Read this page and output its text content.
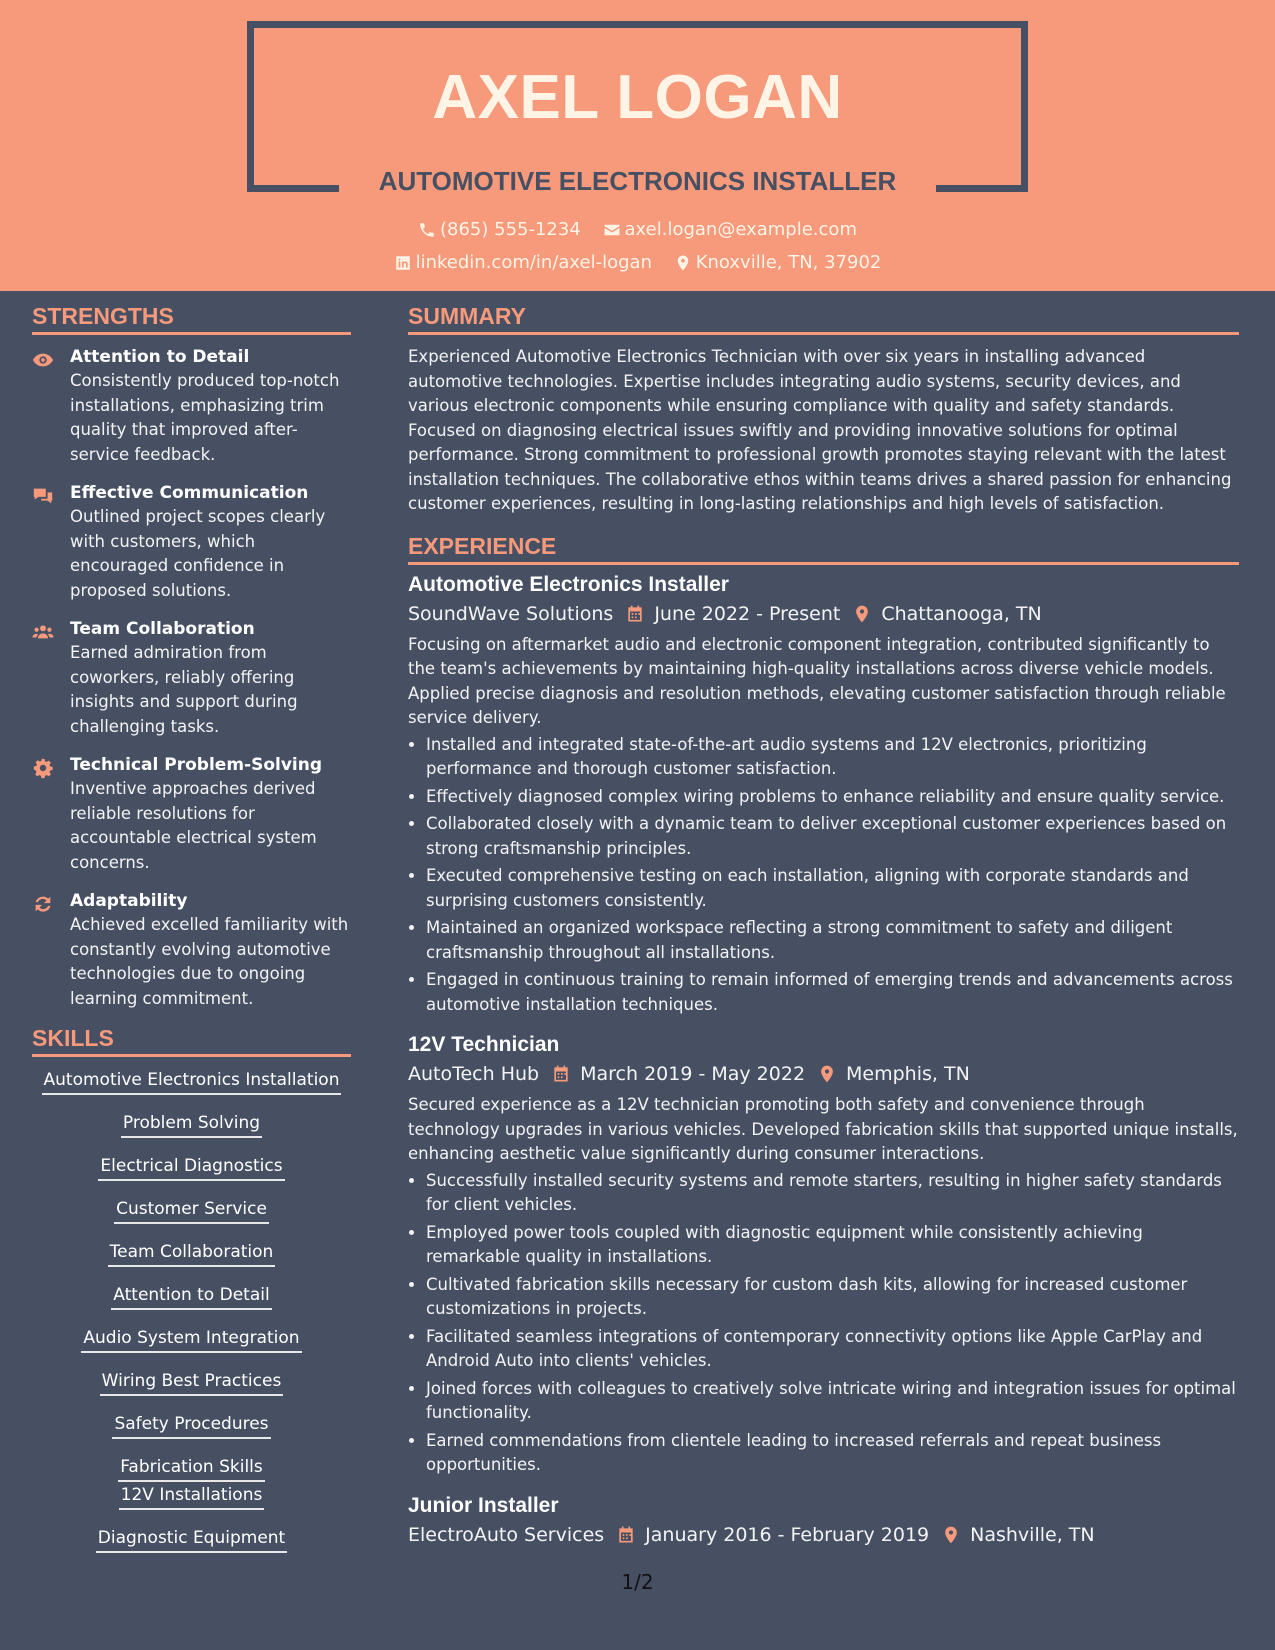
AXEL LOGAN
AUTOMOTIVE ELECTRONICS INSTALLER
(865) 555-1234
axel.logan@example.com
linkedin.com/in/axel-logan
Knoxville, TN, 37902
STRENGTHS
Attention to Detail
Consistently produced top-notch installations, emphasizing trim quality that improved after-service feedback.
Effective Communication
Outlined project scopes clearly with customers, which encouraged confidence in proposed solutions.
Team Collaboration
Earned admiration from coworkers, reliably offering insights and support during challenging tasks.
Technical Problem-Solving
Inventive approaches derived reliable resolutions for accountable electrical system concerns.
Adaptability
Achieved excelled familiarity with constantly evolving automotive technologies due to ongoing learning commitment.
SKILLS
Automotive Electronics Installation
Problem Solving
Electrical Diagnostics
Customer Service
Team Collaboration
Attention to Detail
Audio System Integration
Wiring Best Practices
Safety Procedures
Fabrication Skills12V Installations
Diagnostic Equipment
SUMMARY
Experienced Automotive Electronics Technician with over six years in installing advanced automotive technologies. Expertise includes integrating audio systems, security devices, and various electronic components while ensuring compliance with quality and safety standards. Focused on diagnosing electrical issues swiftly and providing innovative solutions for optimal performance. Strong commitment to professional growth promotes staying relevant with the latest installation techniques. The collaborative ethos within teams drives a shared passion for enhancing customer experiences, resulting in long-lasting relationships and high levels of satisfaction.
EXPERIENCE
Automotive Electronics Installer
SoundWave Solutions June 2022 - Present Chattanooga, TN
Focusing on aftermarket audio and electronic component integration, contributed significantly to the team's achievements by maintaining high-quality installations across diverse vehicle models. Applied precise diagnosis and resolution methods, elevating customer satisfaction through reliable service delivery.
• Installed and integrated state-of-the-art audio systems and 12V electronics, prioritizing performance and thorough customer satisfaction.
• Effectively diagnosed complex wiring problems to enhance reliability and ensure quality service.
• Collaborated closely with a dynamic team to deliver exceptional customer experiences based on strong craftsmanship principles.
• Executed comprehensive testing on each installation, aligning with corporate standards and surprising customers consistently.
• Maintained an organized workspace reflecting a strong commitment to safety and diligent craftsmanship throughout all installations.
• Engaged in continuous training to remain informed of emerging trends and advancements across automotive installation techniques.
12V Technician
AutoTech Hub March 2019 - May 2022 Memphis, TN
Secured experience as a 12V technician promoting both safety and convenience through technology upgrades in various vehicles. Developed fabrication skills that supported unique installs, enhancing aesthetic value significantly during consumer interactions.
• Successfully installed security systems and remote starters, resulting in higher safety standards for client vehicles.
• Employed power tools coupled with diagnostic equipment while consistently achieving remarkable quality in installations.
• Cultivated fabrication skills necessary for custom dash kits, allowing for increased customer customizations in projects.
• Facilitated seamless integrations of contemporary connectivity options like Apple CarPlay and Android Auto into clients' vehicles.
• Joined forces with colleagues to creatively solve intricate wiring and integration issues for optimal functionality.
• Earned commendations from clientele leading to increased referrals and repeat business opportunities.
Junior Installer
ElectroAuto Services January 2016 - February 2019 Nashville, TN
1/2
